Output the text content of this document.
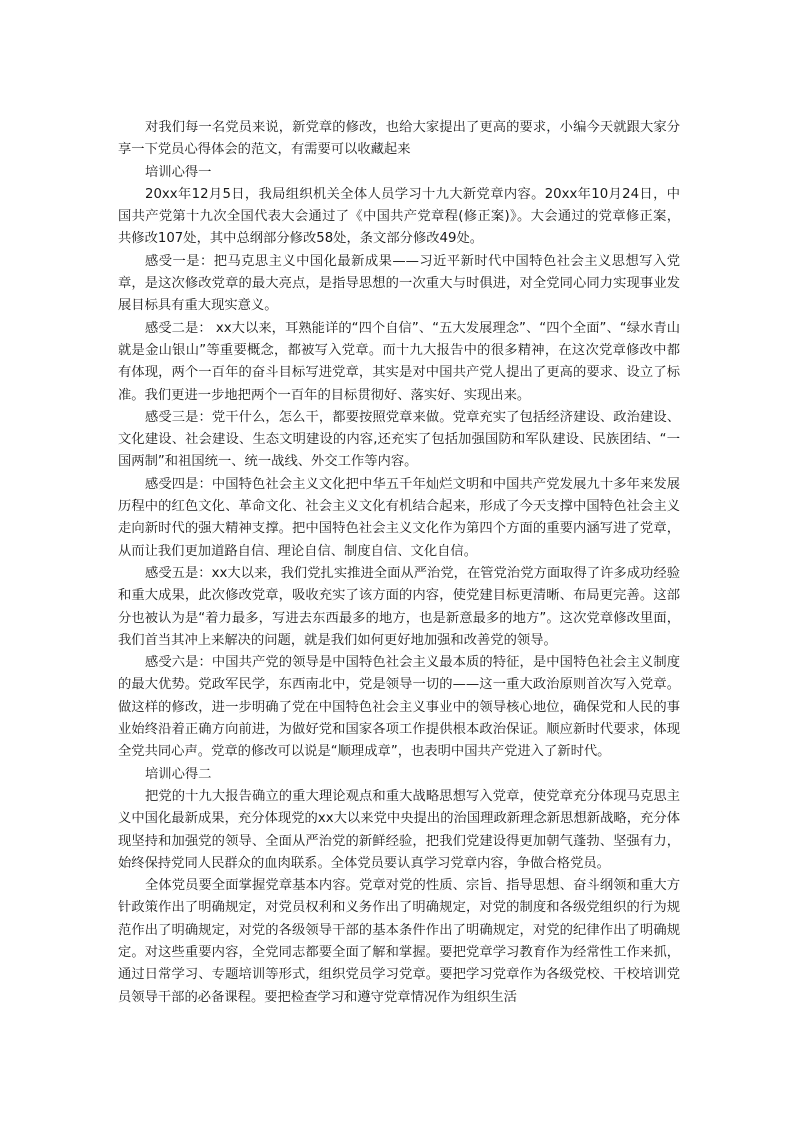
对我们每一名党员来说，新党章的修改，也给大家提出了更高的要求，小编今天就跟大家分享一下党员心得体会的范文，有需要可以收藏起来

培训心得一

20xx年12月5日，我局组织机关全体人员学习十九大新党章内容。20xx年10月24日，中国共产党第十九次全国代表大会通过了《中国共产党章程(修正案)》。大会通过的党章修正案，共修改107处，其中总纲部分修改58处，条文部分修改49处。

感受一是：把马克思主义中国化最新成果——习近平新时代中国特色社会主义思想写入党章，是这次修改党章的最大亮点，是指导思想的一次重大与时俱进，对全党同心同力实现事业发展目标具有重大现实意义。

感受二是： xx大以来，耳熟能详的“四个自信”、“五大发展理念”、“四个全面”、“绿水青山就是金山银山”等重要概念，都被写入党章。而十九大报告中的很多精神，在这次党章修改中都有体现，两个一百年的奋斗目标写进党章，其实是对中国共产党人提出了更高的要求、设立了标准。我们更进一步地把两个一百年的目标贯彻好、落实好、实现出来。

感受三是：党干什么，怎么干，都要按照党章来做。党章充实了包括经济建设、政治建设、文化建设、社会建设、生态文明建设的内容,还充实了包括加强国防和军队建设、民族团结、“一国两制”和祖国统一、统一战线、外交工作等内容。

感受四是：中国特色社会主义文化把中华五千年灿烂文明和中国共产党发展九十多年来发展历程中的红色文化、革命文化、社会主义文化有机结合起来，形成了今天支撑中国特色社会主义走向新时代的强大精神支撑。把中国特色社会主义文化作为第四个方面的重要内涵写进了党章，从而让我们更加道路自信、理论自信、制度自信、文化自信。

感受五是：xx大以来，我们党扎实推进全面从严治党，在管党治党方面取得了许多成功经验和重大成果，此次修改党章，吸收充实了该方面的内容，使党建目标更清晰、布局更完善。这部分也被认为是“着力最多，写进去东西最多的地方，也是新意最多的地方”。这次党章修改里面，我们首当其冲上来解决的问题，就是我们如何更好地加强和改善党的领导。

感受六是：中国共产党的领导是中国特色社会主义最本质的特征，是中国特色社会主义制度的最大优势。党政军民学，东西南北中，党是领导一切的——这一重大政治原则首次写入党章。做这样的修改，进一步明确了党在中国特色社会主义事业中的领导核心地位，确保党和人民的事业始终沿着正确方向前进，为做好党和国家各项工作提供根本政治保证。顺应新时代要求，体现全党共同心声。党章的修改可以说是“顺理成章”，也表明中国共产党进入了新时代。

培训心得二

把党的十九大报告确立的重大理论观点和重大战略思想写入党章，使党章充分体现马克思主义中国化最新成果，充分体现党的xx大以来党中央提出的治国理政新理念新思想新战略，充分体现坚持和加强党的领导、全面从严治党的新鲜经验，把我们党建设得更加朝气蓬勃、坚强有力，始终保持党同人民群众的血肉联系。全体党员要认真学习党章内容，争做合格党员。

全体党员要全面掌握党章基本内容。党章对党的性质、宗旨、指导思想、奋斗纲领和重大方针政策作出了明确规定，对党员权利和义务作出了明确规定，对党的制度和各级党组织的行为规范作出了明确规定，对党的各级领导干部的基本条件作出了明确规定，对党的纪律作出了明确规定。对这些重要内容，全党同志都要全面了解和掌握。要把党章学习教育作为经常性工作来抓，通过日常学习、专题培训等形式，组织党员学习党章。要把学习党章作为各级党校、干校培训党员领导干部的必备课程。要把检查学习和遵守党章情况作为组织生活
